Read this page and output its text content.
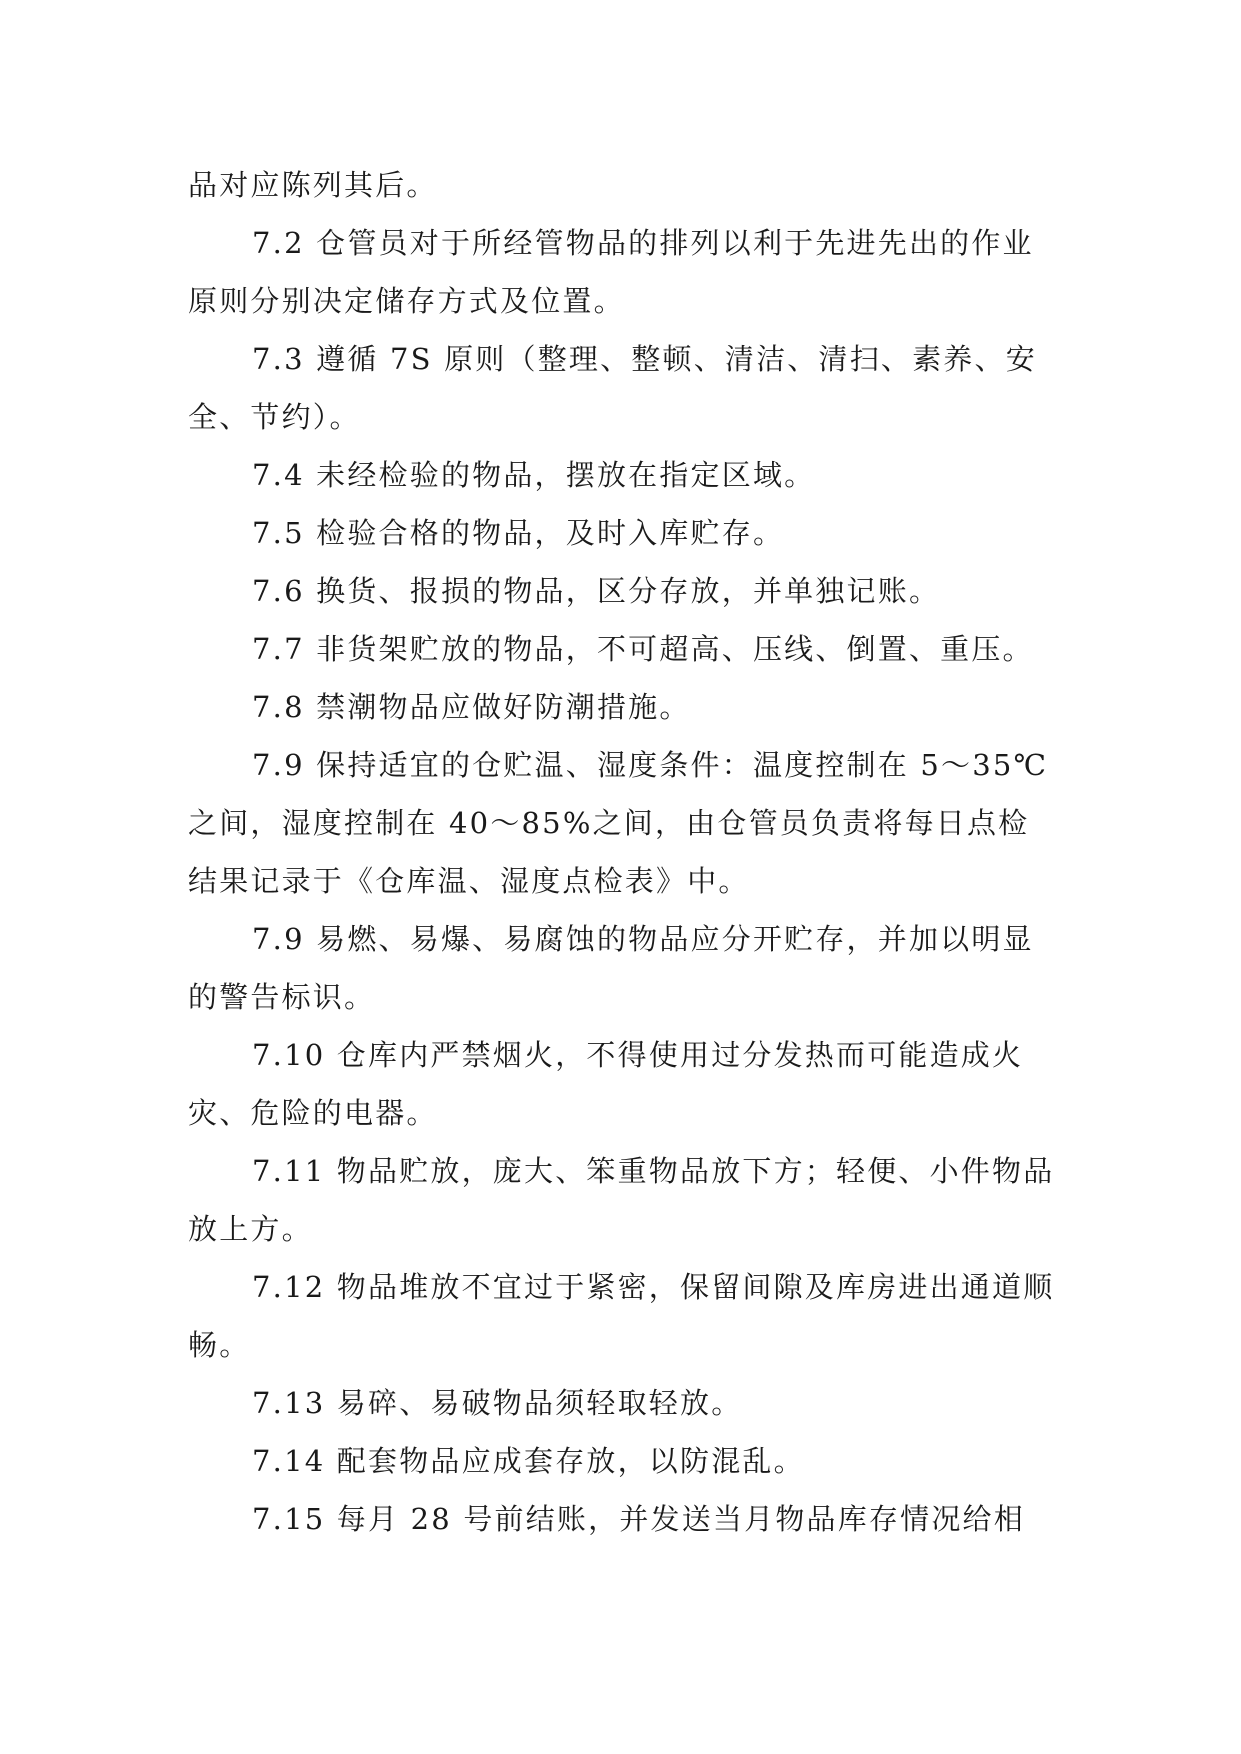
品对应陈列其后。

7.2 仓管员对于所经管物品的排列以利于先进先出的作业原则分别决定储存方式及位置。

7.3 遵循 7S 原则（整理、整顿、清洁、清扫、素养、安全、节约）。

7.4 未经检验的物品，摆放在指定区域。

7.5 检验合格的物品，及时入库贮存。

7.6 换货、报损的物品，区分存放，并单独记账。

7.7 非货架贮放的物品，不可超高、压线、倒置、重压。

7.8 禁潮物品应做好防潮措施。

7.9 保持适宜的仓贮温、湿度条件：温度控制在 5～35℃之间，湿度控制在 40～85%之间，由仓管员负责将每日点检结果记录于《仓库温、湿度点检表》中。

7.9 易燃、易爆、易腐蚀的物品应分开贮存，并加以明显的警告标识。

7.10 仓库内严禁烟火，不得使用过分发热而可能造成火灾、危险的电器。

7.11 物品贮放，庞大、笨重物品放下方；轻便、小件物品放上方。

7.12 物品堆放不宜过于紧密，保留间隙及库房进出通道顺畅。

7.13 易碎、易破物品须轻取轻放。

7.14 配套物品应成套存放，以防混乱。

7.15 每月 28 号前结账，并发送当月物品库存情况给相
